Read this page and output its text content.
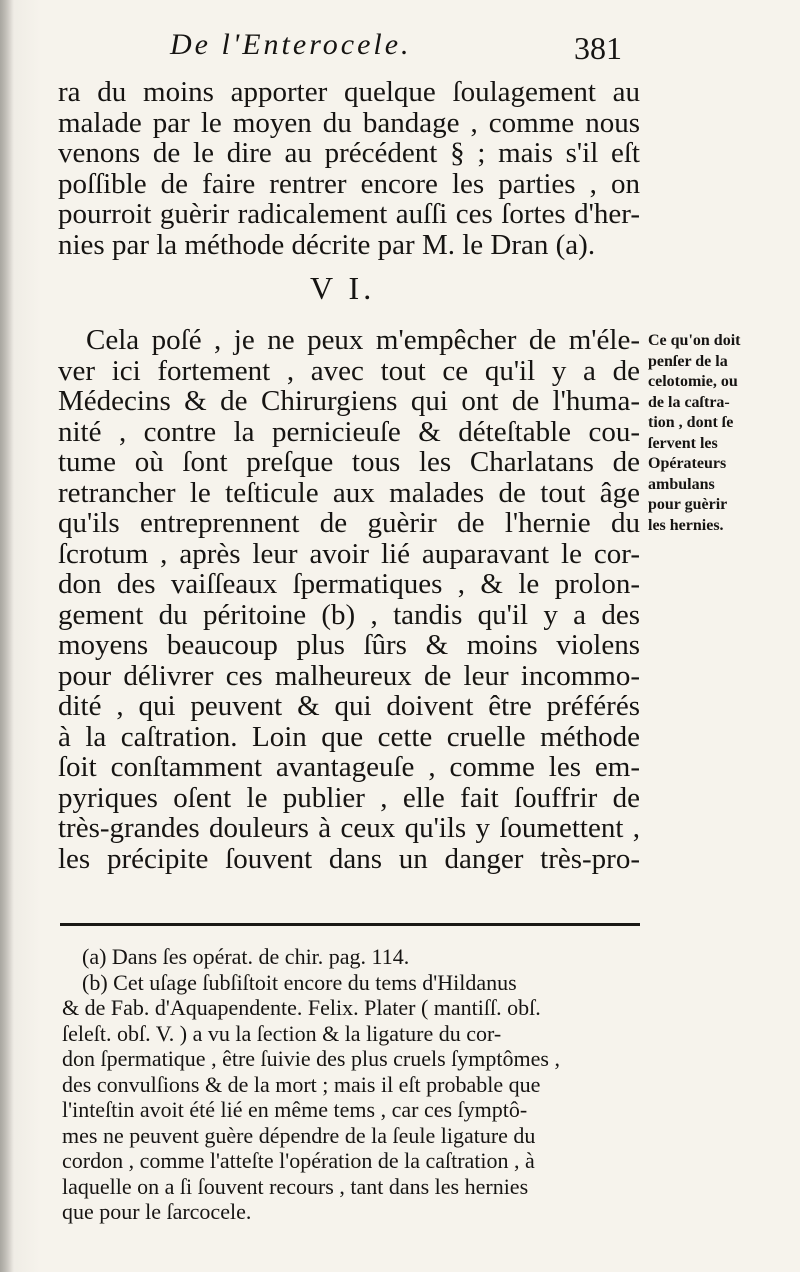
De l'Enterocele.	381
ra du moins apporter quelque ſoulagement au
malade par le moyen du bandage , comme nous
venons de le dire au précédent § ; mais s'il eſt
poſſible de faire rentrer encore les parties , on
pourroit guèrir radicalement auſſi ces ſortes d'her-
nies par la méthode décrite par M. le Dran (a).
V I.
Cela poſé , je ne peux m'empêcher de m'éle-
ver ici fortement , avec tout ce qu'il y a de
Médecins & de Chirurgiens qui ont de l'huma-
nité , contre la pernicieuſe & déteſtable cou-
tume où ſont preſque tous les Charlatans de
retrancher le teſticule aux malades de tout âge
qu'ils entreprennent de guèrir de l'hernie du
ſcrotum , après leur avoir lié auparavant le cor-
don des vaiſſeaux ſpermatiques , & le prolon-
gement du péritoine (b) , tandis qu'il y a des
moyens beaucoup plus ſûrs & moins violens
pour délivrer ces malheureux de leur incommo-
dité , qui peuvent & qui doivent être préférés
à la caſtration. Loin que cette cruelle méthode
ſoit conſtamment avantageuſe , comme les em-
pyriques oſent le publier , elle fait ſouffrir de
très-grandes douleurs à ceux qu'ils y ſoumettent ,
les précipite ſouvent dans un danger très-pro-
Ce qu'on doit
penſer de la
celotomie, ou
de la caſtra-
tion , dont ſe
ſervent les
Opérateurs
ambulans
pour guèrir
les hernies.
(a) Dans ſes opérat. de chir. pag. 114.
(b) Cet uſage ſubſiſtoit encore du tems d'Hildanus
& de Fab. d'Aquapendente. Felix. Plater ( mantiſſ. obſ.
ſeleſt. obſ. V. ) a vu la ſection & la ligature du cor-
don ſpermatique , être ſuivie des plus cruels ſymptômes ,
des convulſions & de la mort ; mais il eſt probable que
l'inteſtin avoit été lié en même tems , car ces ſymptô-
mes ne peuvent guère dépendre de la ſeule ligature du
cordon , comme l'atteſte l'opération de la caſtration , à
laquelle on a ſi ſouvent recours , tant dans les hernies
que pour le ſarcocele.
